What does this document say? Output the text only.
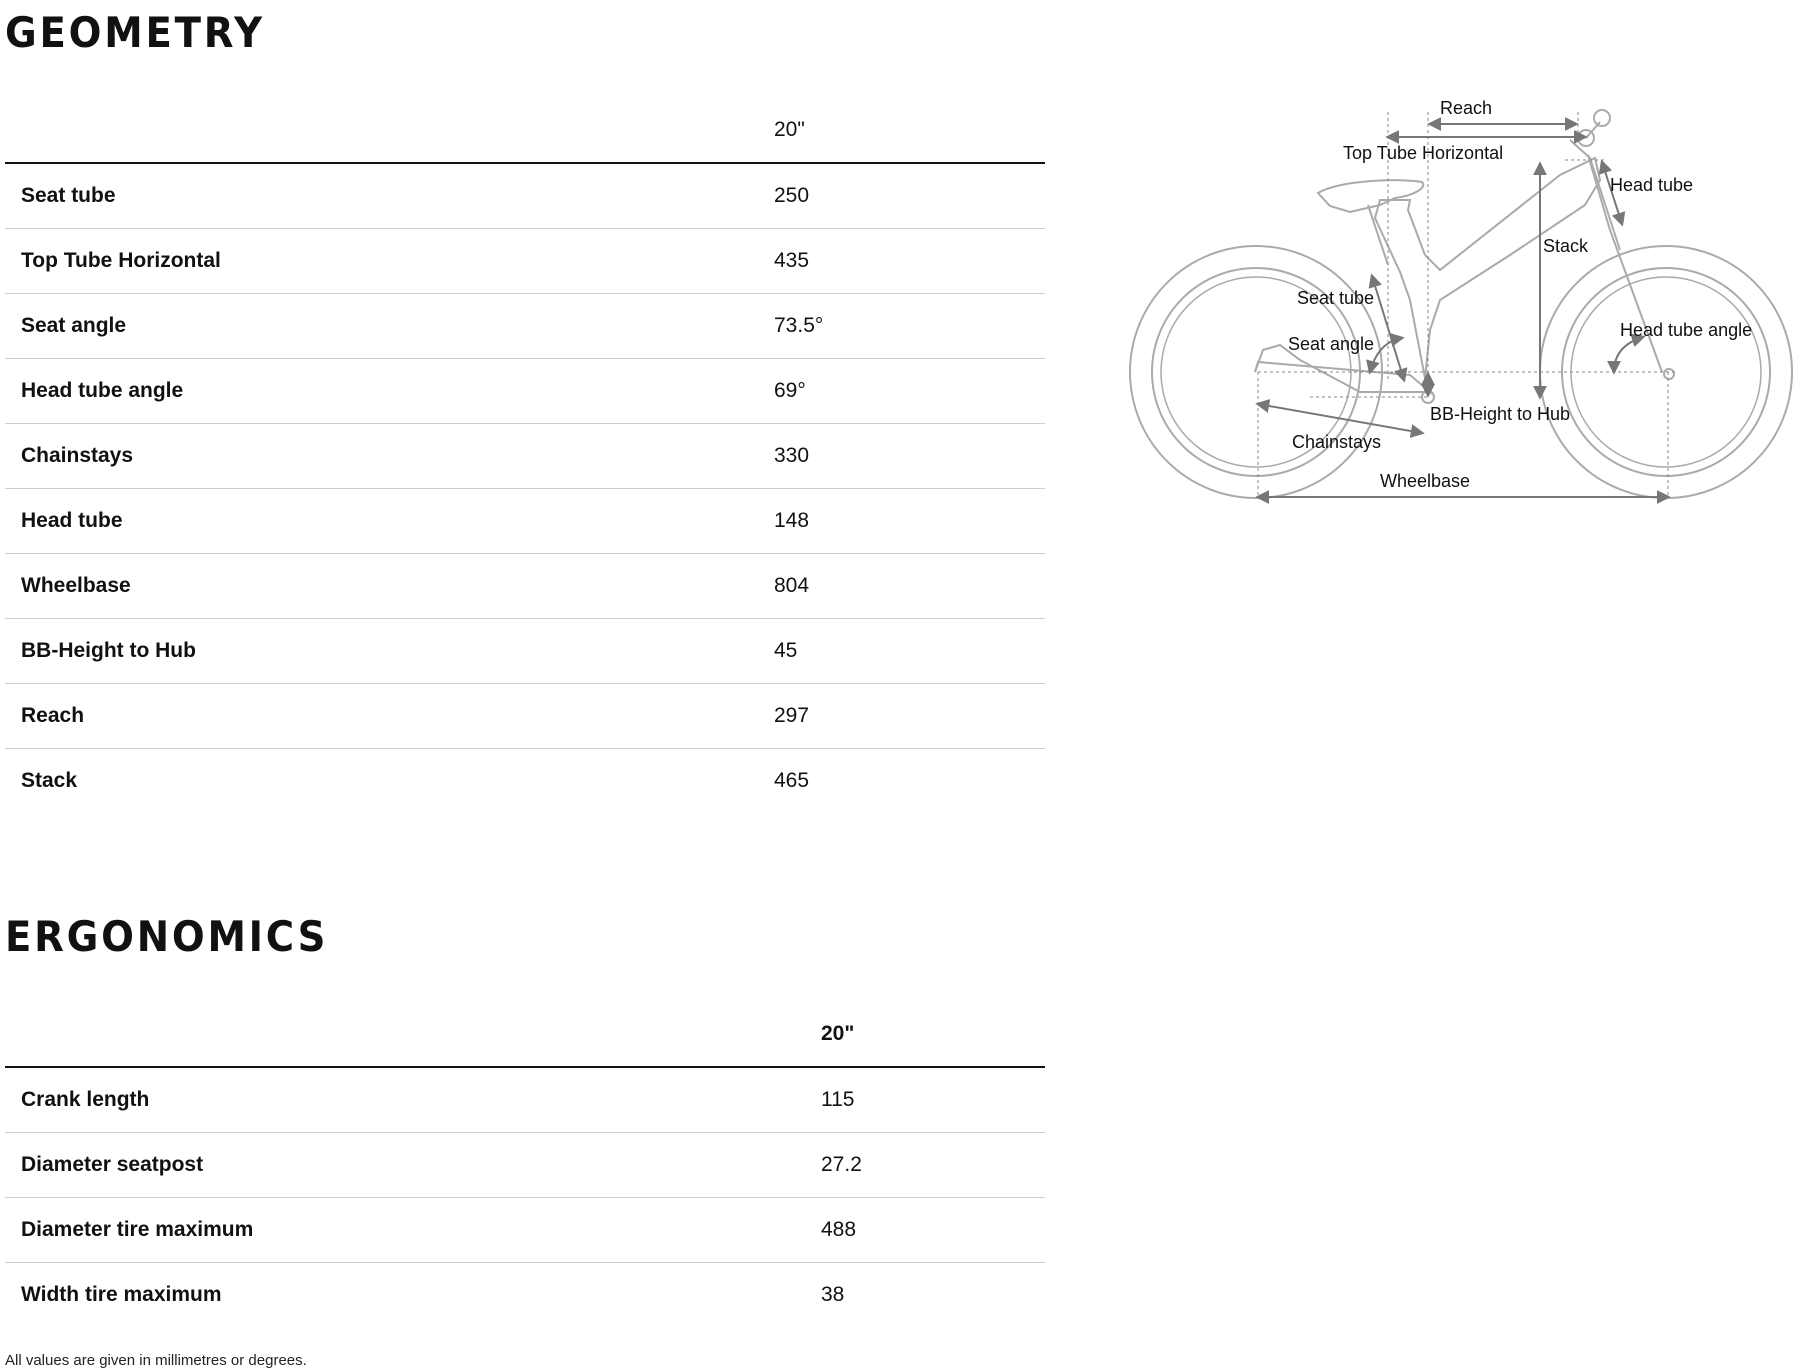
GEOMETRY
	20"
Seat tube	250
Top Tube Horizontal	435
Seat angle	73.5°
Head tube angle	69°
Chainstays	330
Head tube	148
Wheelbase	804
BB-Height to Hub	45
Reach	297
Stack	465
Reach
Top Tube Horizontal
Head tube
Stack
Seat tube
Seat angle
Head tube angle
BB-Height to Hub
Chainstays
Wheelbase
ERGONOMICS
	20"
Crank length	115
Diameter seatpost	27.2
Diameter tire maximum	488
Width tire maximum	38
All values are given in millimetres or degrees.
